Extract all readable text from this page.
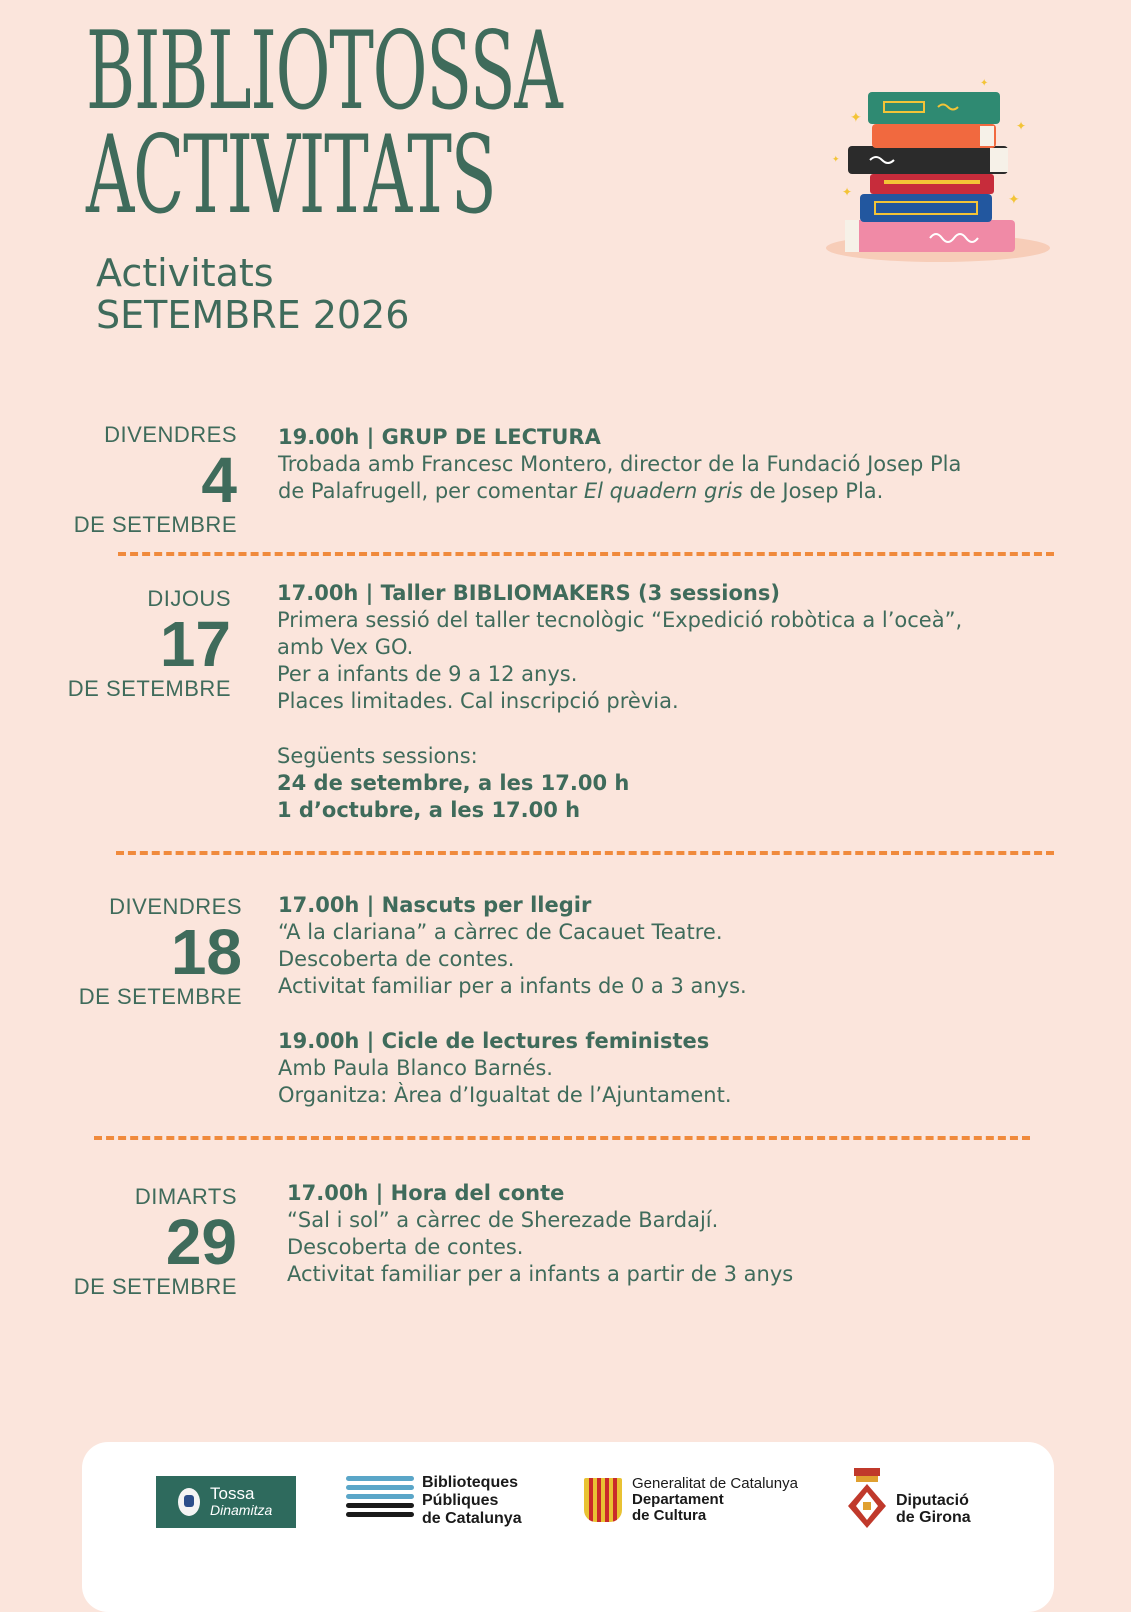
BIBLIOTOSSA
ACTIVITATS
Activitats
SETEMBRE 2026
✦	✦
✦
✦
✦	✦
DIVENDRES
4
DE SETEMBRE
19.00h | GRUP DE LECTURA
Trobada amb Francesc Montero, director de la Fundació Josep Pla
de Palafrugell, per comentar El quadern gris de Josep Pla.
DIJOUS
17
DE SETEMBRE
17.00h | Taller BIBLIOMAKERS (3 sessions)
Primera sessió del taller tecnològic “Expedició robòtica a l’oceà”,
amb Vex GO.
Per a infants de 9 a 12 anys.
Places limitades. Cal inscripció prèvia.
Següents sessions:
24 de setembre, a les 17.00 h
1 d’octubre, a les 17.00 h
DIVENDRES
18
DE SETEMBRE
17.00h | Nascuts per llegir
“A la clariana” a càrrec de Cacauet Teatre.
Descoberta de contes.
Activitat familiar per a infants de 0 a 3 anys.
19.00h | Cicle de lectures feministes
Amb Paula Blanco Barnés.
Organitza: Àrea d’Igualtat de l’Ajuntament.
DIMARTS
29
DE SETEMBRE
17.00h | Hora del conte
“Sal i sol” a càrrec de Sherezade Bardají.
Descoberta de contes.
Activitat familiar per a infants a partir de 3 anys
Tossa
Dinamitza
Biblioteques
Públiques
de Catalunya
Generalitat de Catalunya
Departament
de Cultura
Diputació
de Girona
